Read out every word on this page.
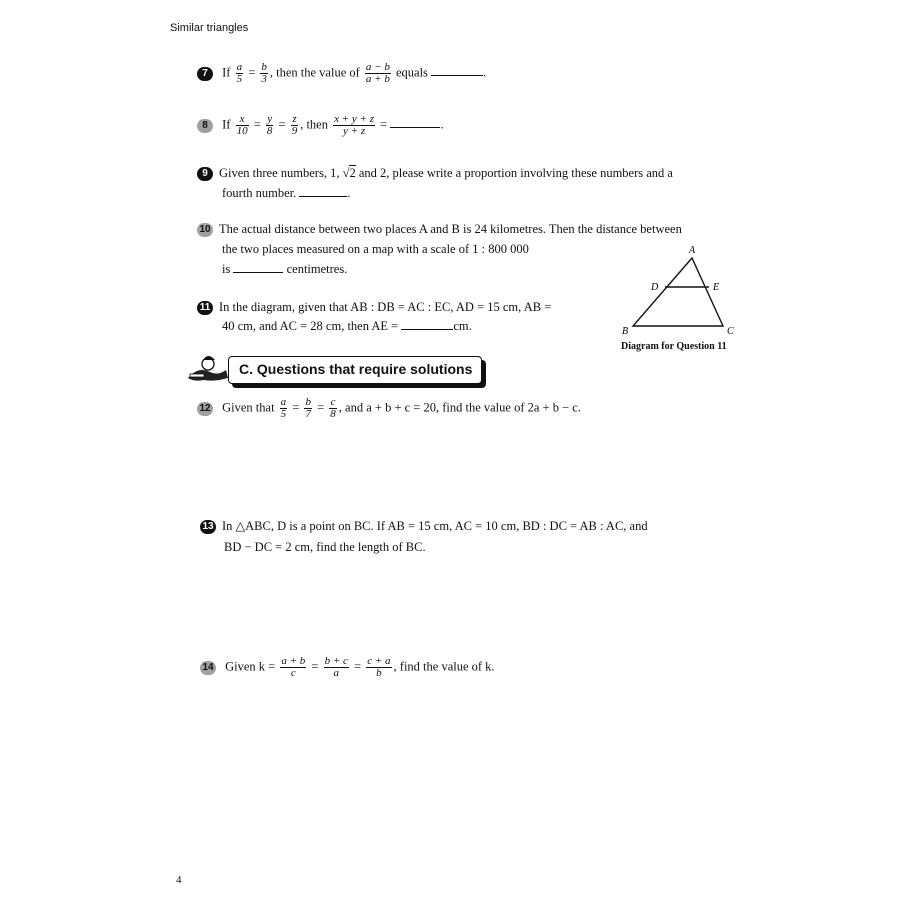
Similar triangles
7 If $\frac{a}{5} = \frac{b}{3}$ , then the value of $\frac{a - b}{a + b}$ equals	.
8 If $\frac{x}{10} = \frac{y}{8} = \frac{z}{9}$ , then $\frac{x + y + z}{y + z}$ =	.
9 Given three numbers, 1, √2 and 2, please write a proportion involving these numbers and a
fourth number.	.
10 The actual distance between two places A and B is 24 kilometres. Then the distance between
the two places measured on a map with a scale of 1 : 800 000
is	centimetres.
11 In the diagram, given that AB : DB = AC : EC, AD = 15 cm, AB =
40 cm, and AC = 28 cm, then AE =	cm.
A
B	C
D	E
Diagram for Question 11
C. Questions that require solutions
12 Given that $\frac{a}{5} = \frac{b}{7} = \frac{c}{8}$ , and a + b + c = 20, find the value of 2a + b − c.
13 In △ABC, D is a point on BC. If AB = 15 cm, AC = 10 cm, BD : DC = AB : AC, and
BD − DC = 2 cm, find the length of BC.
14 Given $k = \frac{a + b}{c} = \frac{b + c}{a} = \frac{c + a}{b}$ , find the value of k.
4
